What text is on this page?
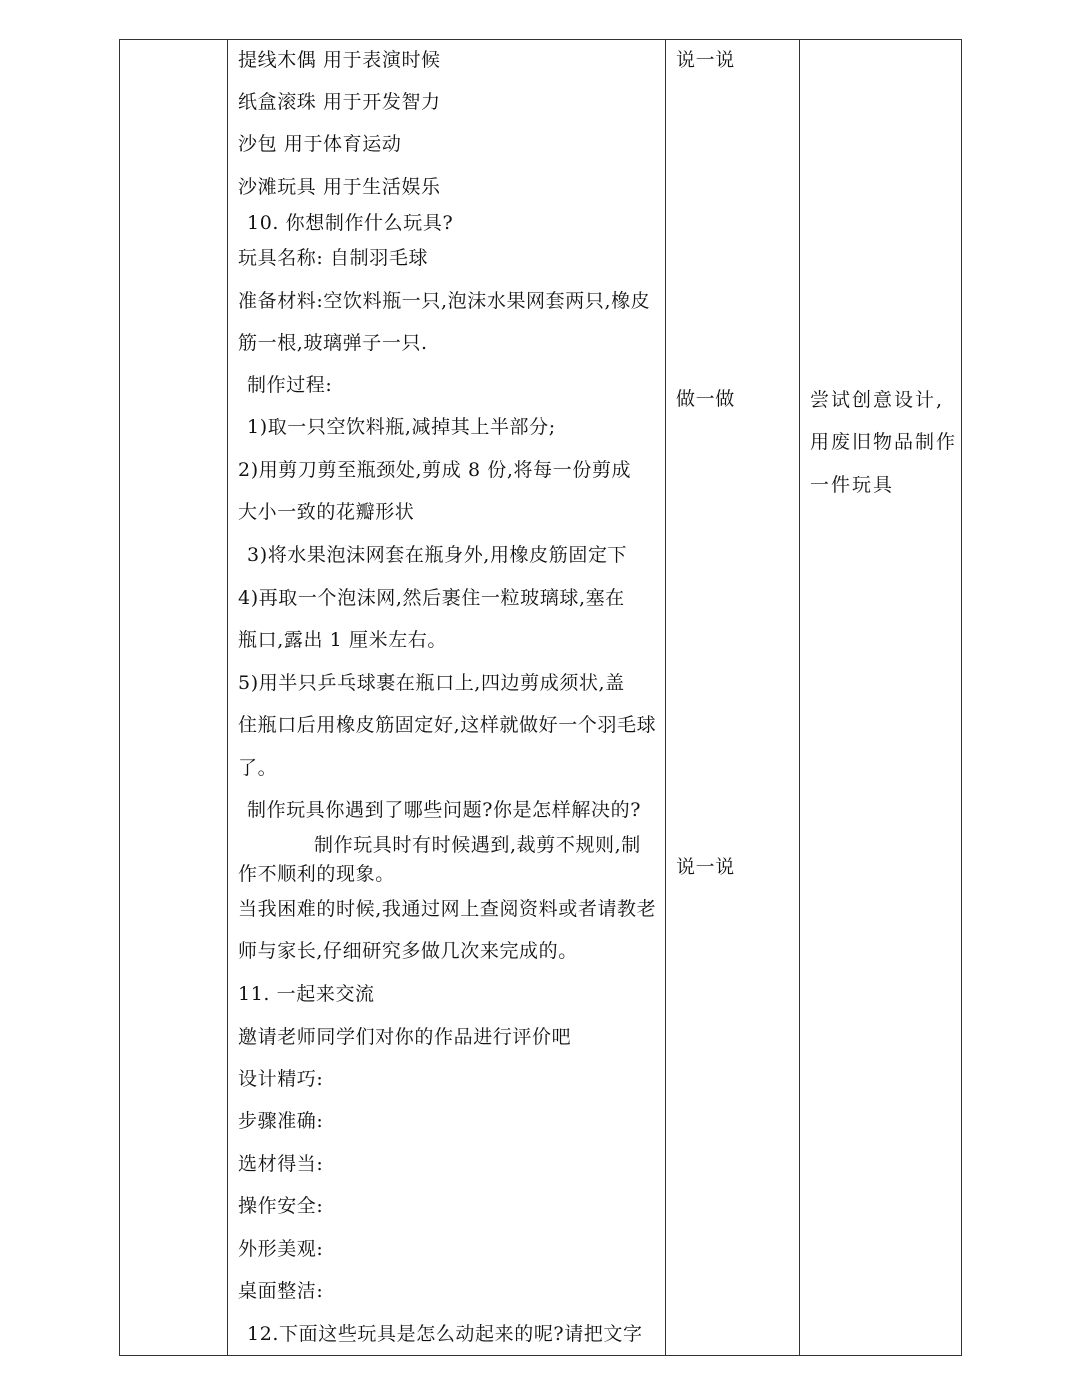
提线木偶 用于表演时候
纸盒滚珠 用于开发智力
沙包 用于体育运动
沙滩玩具 用于生活娱乐
10. 你想制作什么玩具?
玩具名称: 自制羽毛球
准备材料:空饮料瓶一只,泡沫水果网套两只,橡皮
筋一根,玻璃弹子一只.
制作过程:
1)取一只空饮料瓶,减掉其上半部分;
2)用剪刀剪至瓶颈处,剪成 8 份,将每一份剪成
大小一致的花瓣形状
3)将水果泡沫网套在瓶身外,用橡皮筋固定下
4)再取一个泡沫网,然后裹住一粒玻璃球,塞在
瓶口,露出 1 厘米左右。
5)用半只乒乓球裹在瓶口上,四边剪成须状,盖
住瓶口后用橡皮筋固定好,这样就做好一个羽毛球
了。
制作玩具你遇到了哪些问题?你是怎样解决的?
制作玩具时有时候遇到,裁剪不规则,制
作不顺利的现象。
当我困难的时候,我通过网上查阅资料或者请教老
师与家长,仔细研究多做几次来完成的。
11. 一起来交流
邀请老师同学们对你的作品进行评价吧
设计精巧:
步骤准确:
选材得当:
操作安全:
外形美观:
桌面整洁:
12.下面这些玩具是怎么动起来的呢?请把文字
说一说
做一做
说一说
尝试创意设计,
用废旧物品制作
一件玩具
